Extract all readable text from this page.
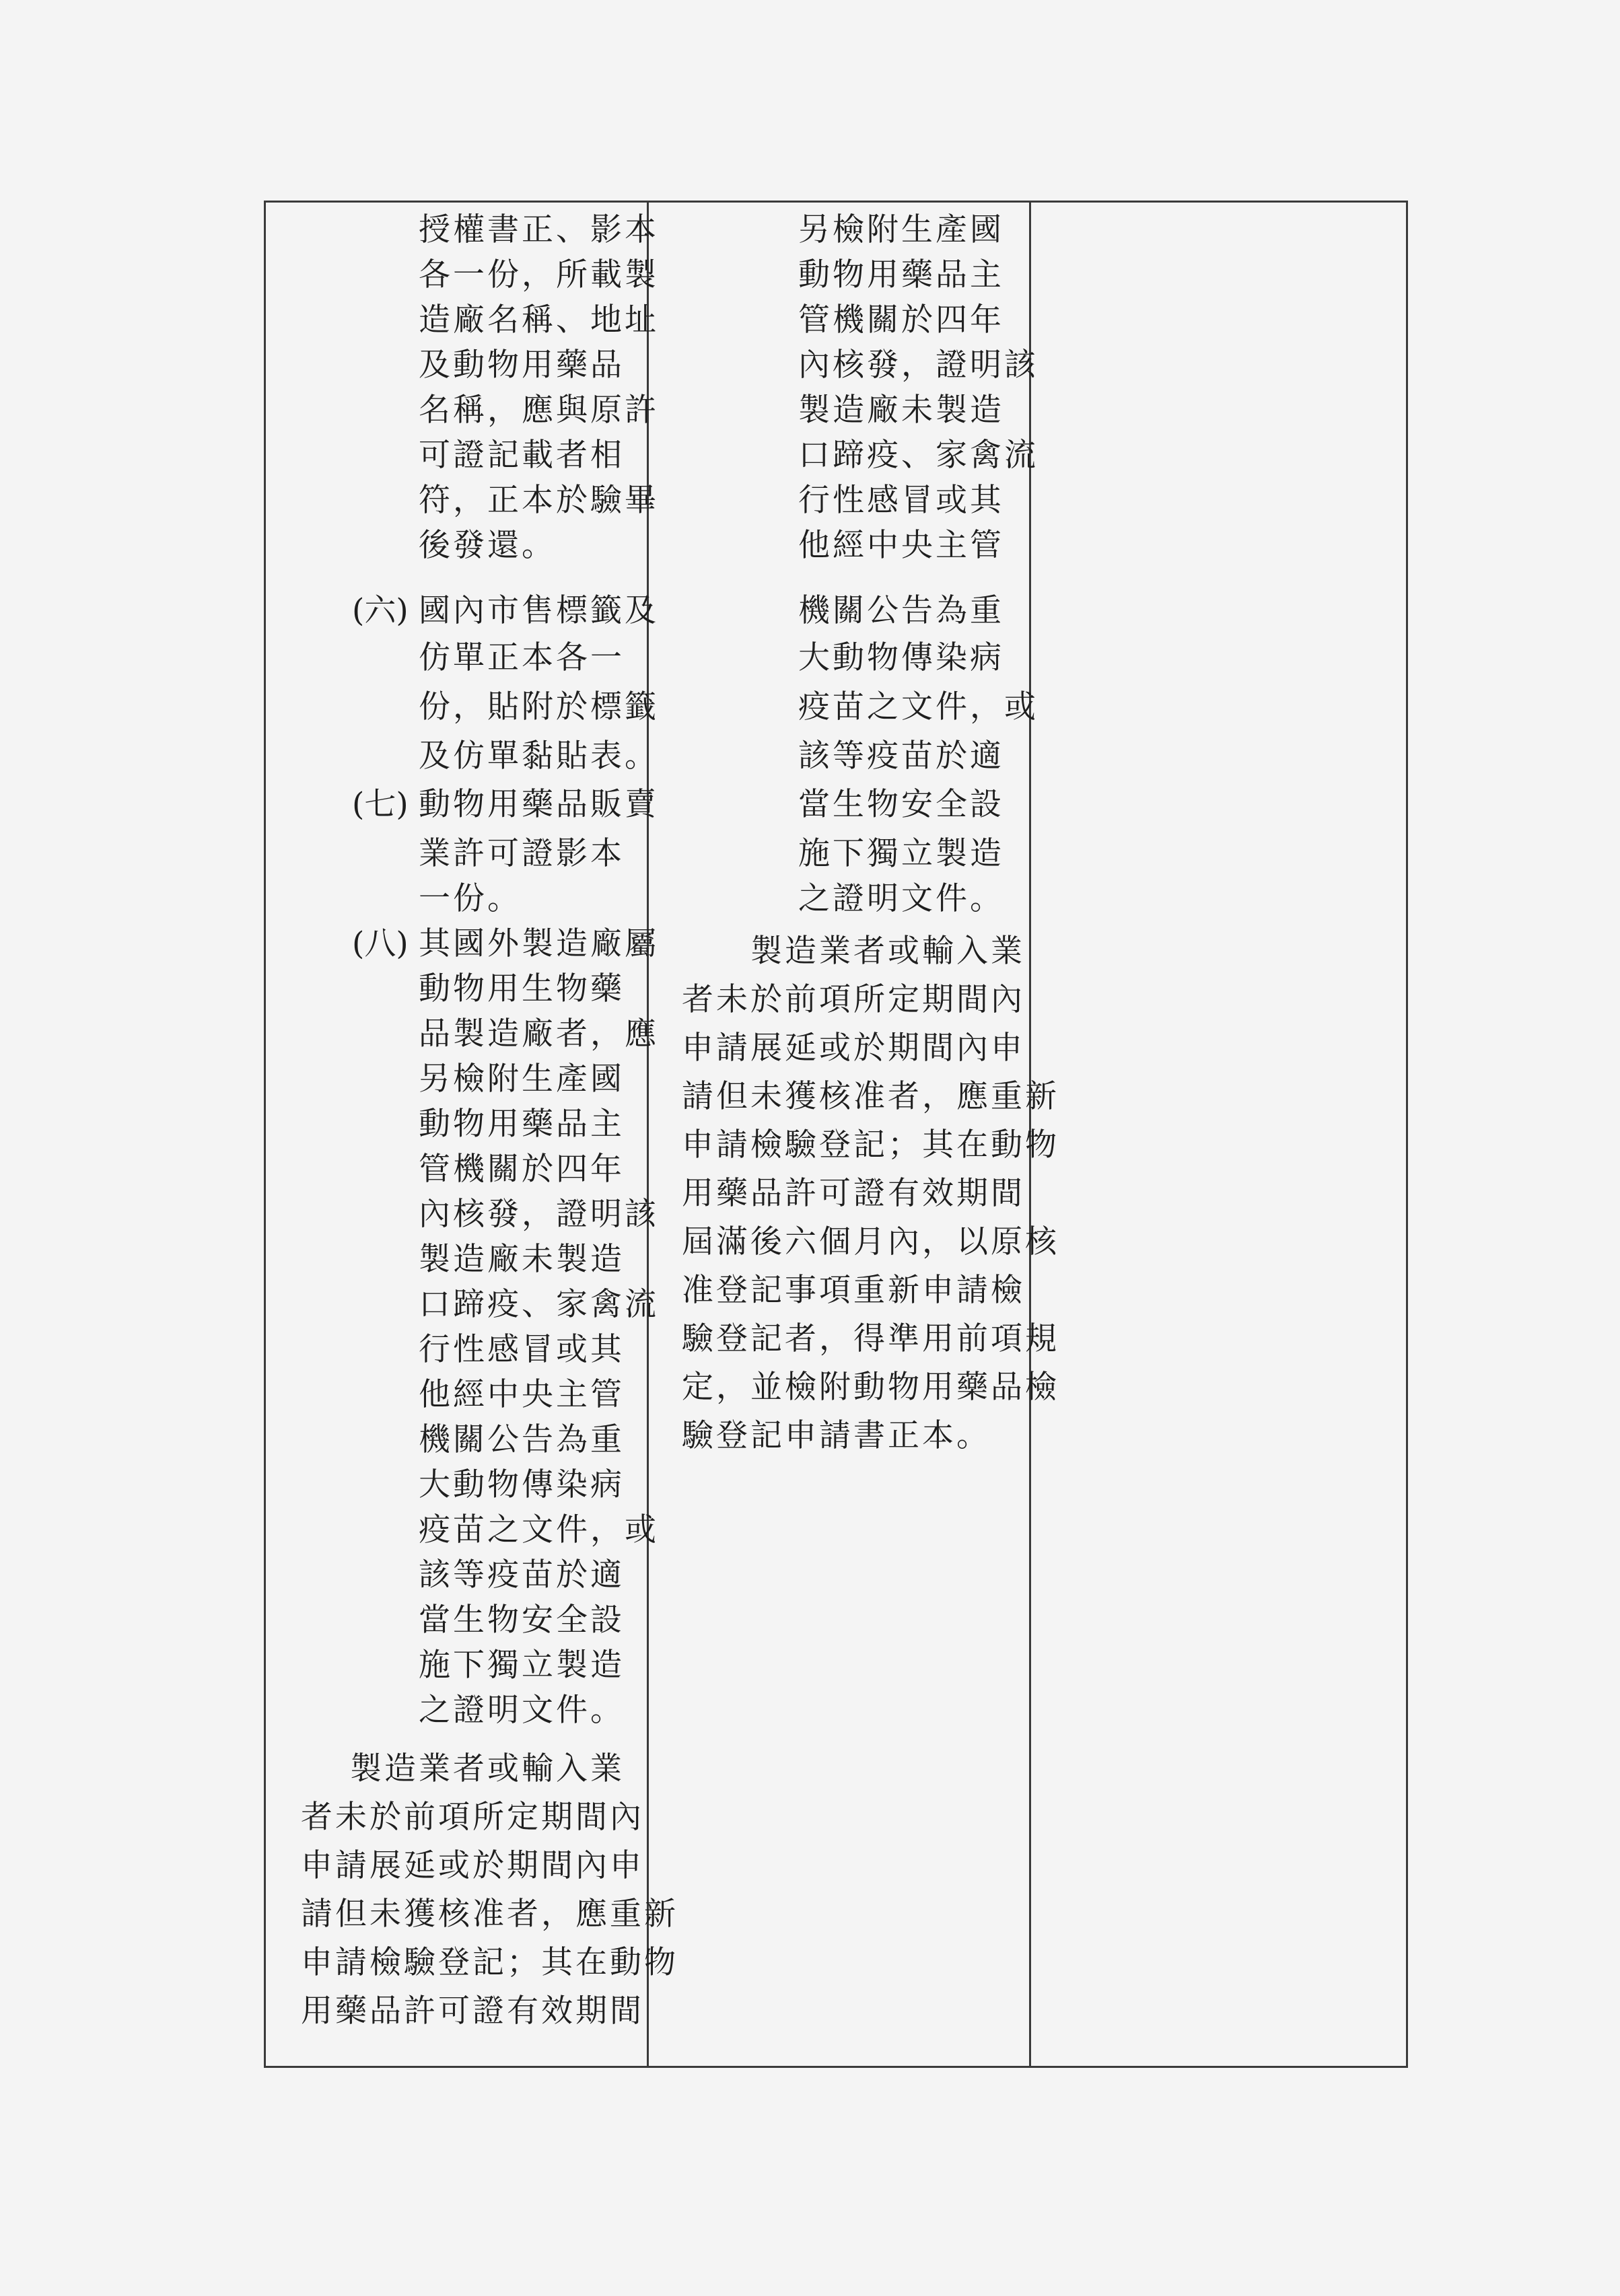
授權書正、影本
各一份，所載製
造廠名稱、地址
及動物用藥品
名稱，應與原許
可證記載者相
符，正本於驗畢
後發還。
(六) 國內市售標籤及
仿單正本各一
份，貼附於標籤
及仿單黏貼表。
(七) 動物用藥品販賣
業許可證影本
一份。
(八) 其國外製造廠屬
動物用生物藥
品製造廠者，應
另檢附生產國
動物用藥品主
管機關於四年
內核發，證明該
製造廠未製造
口蹄疫、家禽流
行性感冒或其
他經中央主管
機關公告為重
大動物傳染病
疫苗之文件，或
該等疫苗於適
當生物安全設
施下獨立製造
之證明文件。
製造業者或輸入業
者未於前項所定期間內
申請展延或於期間內申
請但未獲核准者，應重新
申請檢驗登記；其在動物
用藥品許可證有效期間
另檢附生產國
動物用藥品主
管機關於四年
內核發，證明該
製造廠未製造
口蹄疫、家禽流
行性感冒或其
他經中央主管
機關公告為重
大動物傳染病
疫苗之文件，或
該等疫苗於適
當生物安全設
施下獨立製造
之證明文件。
製造業者或輸入業
者未於前項所定期間內
申請展延或於期間內申
請但未獲核准者，應重新
申請檢驗登記；其在動物
用藥品許可證有效期間
屆滿後六個月內，以原核
准登記事項重新申請檢
驗登記者，得準用前項規
定，並檢附動物用藥品檢
驗登記申請書正本。
